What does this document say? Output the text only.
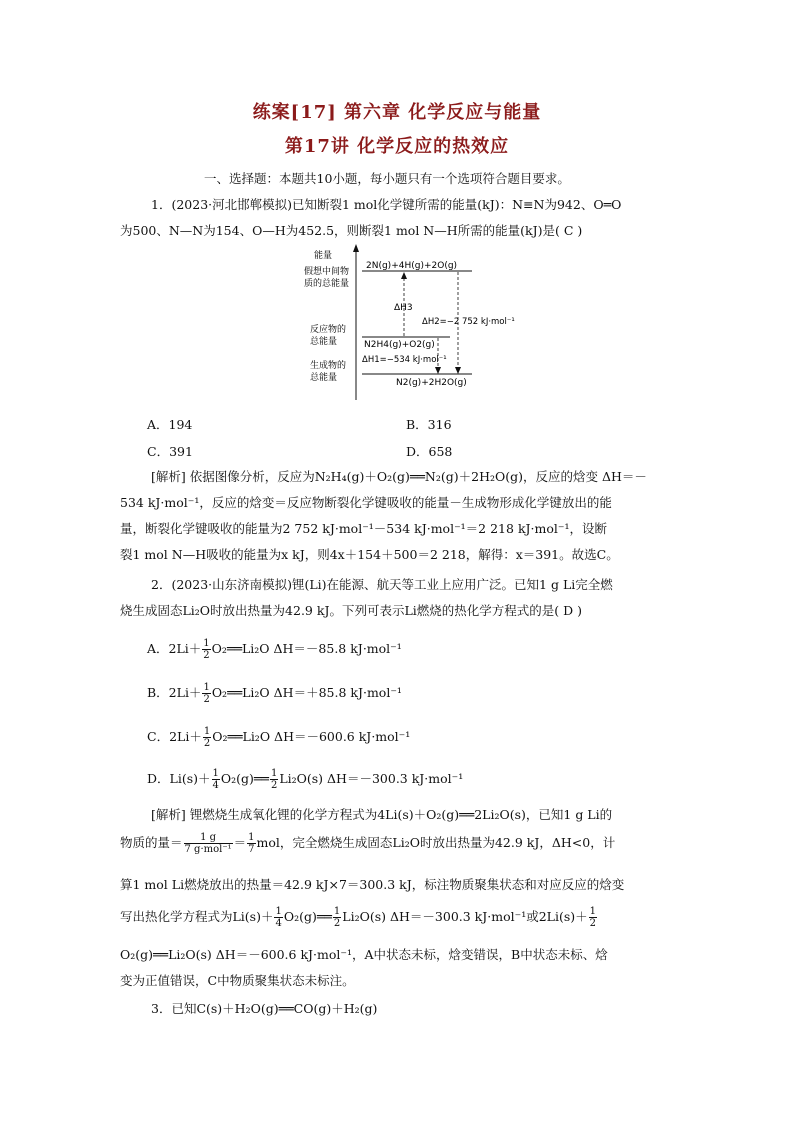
练案[17] 第六章 化学反应与能量
第17讲 化学反应的热效应
一、选择题：本题共10小题，每小题只有一个选项符合题目要求。
1．(2023·河北邯郸模拟)已知断裂1 mol化学键所需的能量(kJ)：N≡N为942、O═O
为500、N—N为154、O—H为452.5，则断裂1 mol N—H所需的能量(kJ)是( C )
能量
假想中间物
质的总能量
反应物的
总能量
生成物的
总能量
2N(g)+4H(g)+2O(g)
N2H4(g)+O2(g)
N2(g)+2H2O(g)
ΔH3
ΔH2=−2 752 kJ·mol⁻¹
ΔH1=−534 kJ·mol⁻¹
A．194	B．316
C．391	D．658
[解析] 依据图像分析，反应为N₂H₄(g)＋O₂(g)══N₂(g)＋2H₂O(g)，反应的焓变 ΔH＝－
534 kJ·mol⁻¹，反应的焓变＝反应物断裂化学键吸收的能量－生成物形成化学键放出的能
量，断裂化学键吸收的能量为2 752 kJ·mol⁻¹－534 kJ·mol⁻¹＝2 218 kJ·mol⁻¹，设断
裂1 mol N—H吸收的能量为x kJ，则4x＋154＋500＝2 218，解得：x＝391。故选C。
2．(2023·山东济南模拟)锂(Li)在能源、航天等工业上应用广泛。已知1 g Li完全燃
烧生成固态Li₂O时放出热量为42.9 kJ。下列可表示Li燃烧的热化学方程式的是( D )
A．$2Li+ \frac{1}{2}$ O₂══Li₂O ΔH＝－85.8 kJ·mol⁻¹
B．$2Li+ \frac{1}{2}$ O₂══Li₂O ΔH＝＋85.8 kJ·mol⁻¹
C．$2Li+ \frac{1}{2}$ O₂══Li₂O ΔH＝－600.6 kJ·mol⁻¹
D．$Li(s)+ \frac{1}{4}$ O₂(g)══ $\frac{1}{2} Li_2O(s)$ ΔH＝－300.3 kJ·mol⁻¹
[解析] 锂燃烧生成氧化锂的化学方程式为4Li(s)＋O₂(g)══2Li₂O(s)，已知1 g Li的
物质的量＝ $\frac{1 g}{\text{7 g·mol⁻¹}} = \frac{1}{7}$ mol，完全燃烧生成固态Li₂O时放出热量为42.9 kJ，ΔH<0，计
算1 mol Li燃烧放出的热量＝42.9 kJ×7＝300.3 kJ，标注物质聚集状态和对应反应的焓变
写出热化学方程式为$Li(s)+ \frac{1}{4}$ O₂(g)══ $\frac{1}{2} Li_2O(s)$ ΔH＝－300.3 kJ·mol⁻¹或$2Li(s)+ \frac{1}{2}$
O₂(g)══Li₂O(s) ΔH＝－600.6 kJ·mol⁻¹，A中状态未标，焓变错误，B中状态未标、焓
变为正值错误，C中物质聚集状态未标注。
3．已知C(s)＋H₂O(g)══CO(g)＋H₂(g)
